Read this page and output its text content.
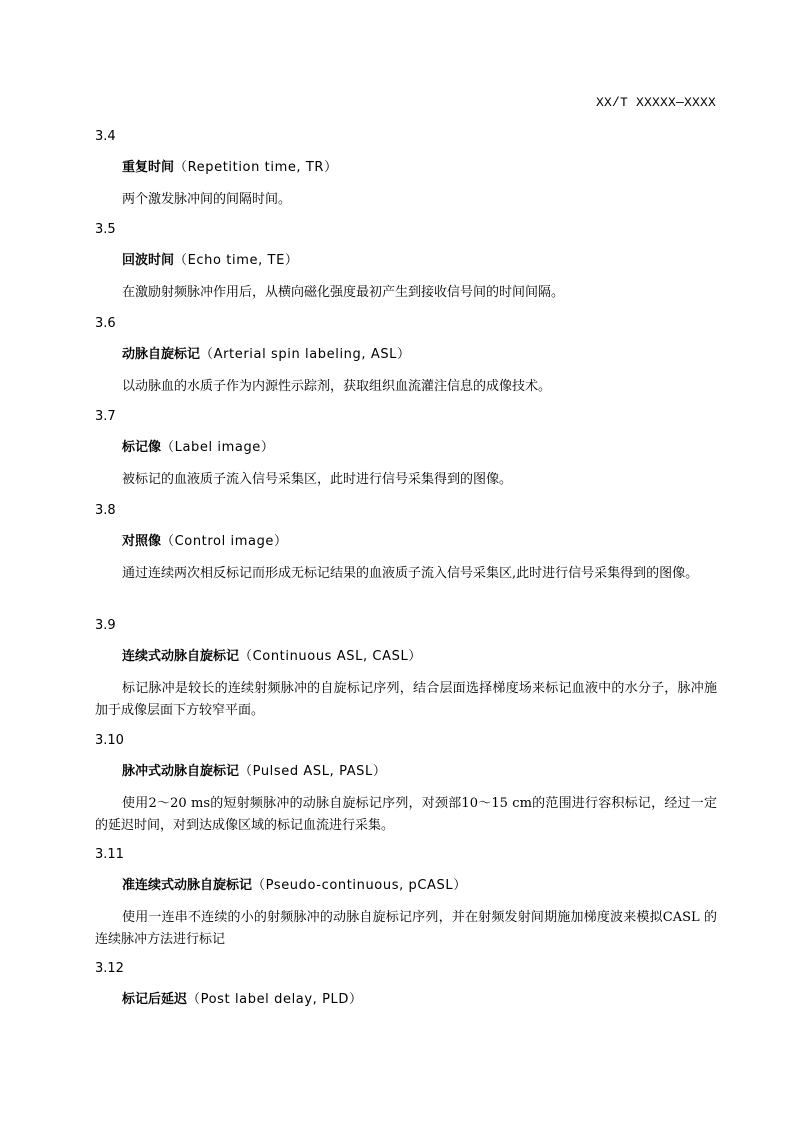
XX/T XXXXX—XXXX
3.4
重复时间（Repetition time, TR）
两个激发脉冲间的间隔时间。
3.5
回波时间（Echo time, TE）
在激励射频脉冲作用后，从横向磁化强度最初产生到接收信号间的时间间隔。
3.6
动脉自旋标记（Arterial spin labeling, ASL）
以动脉血的水质子作为内源性示踪剂，获取组织血流灌注信息的成像技术。
3.7
标记像（Label image）
被标记的血液质子流入信号采集区，此时进行信号采集得到的图像。
3.8
对照像（Control image）
通过连续两次相反标记而形成无标记结果的血液质子流入信号采集区,此时进行信号采集得到的图像。
3.9
连续式动脉自旋标记（Continuous ASL, CASL）
标记脉冲是较长的连续射频脉冲的自旋标记序列，结合层面选择梯度场来标记血液中的水分子，脉冲施加于成像层面下方较窄平面。
3.10
脉冲式动脉自旋标记（Pulsed ASL, PASL）
使用2～20 ms的短射频脉冲的动脉自旋标记序列，对颈部10～15 cm的范围进行容积标记，经过一定的延迟时间，对到达成像区域的标记血流进行采集。
3.11
准连续式动脉自旋标记（Pseudo-continuous, pCASL）
使用一连串不连续的小的射频脉冲的动脉自旋标记序列，并在射频发射间期施加梯度波来模拟CASL 的连续脉冲方法进行标记
3.12
标记后延迟（Post label delay, PLD）
